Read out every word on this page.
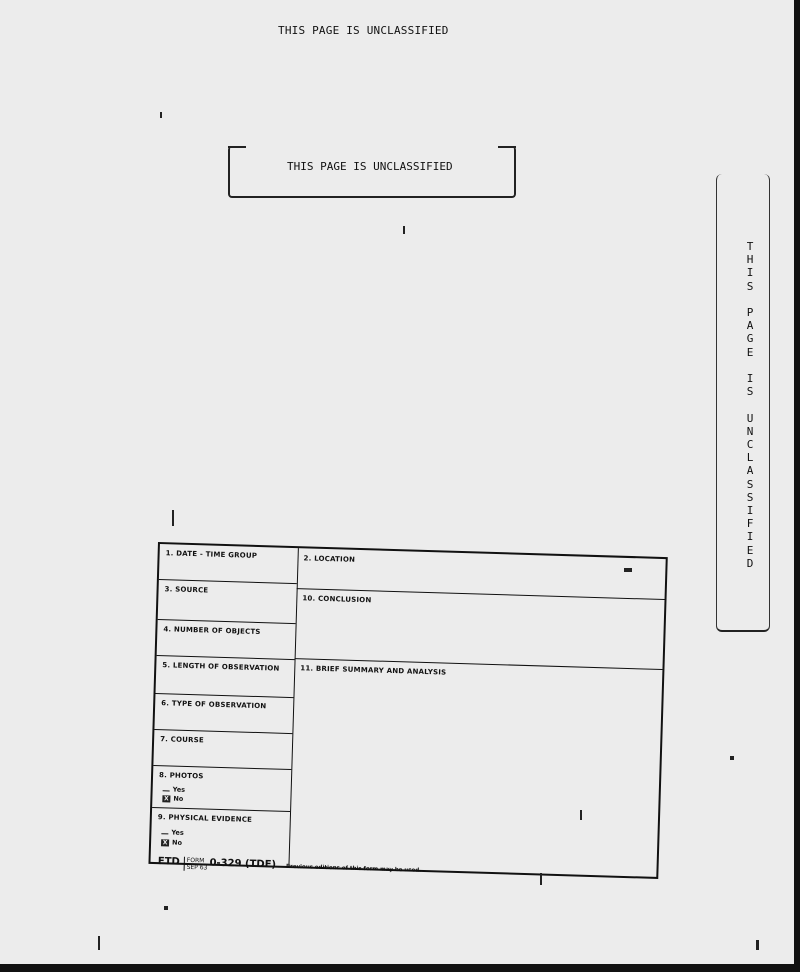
THIS PAGE IS UNCLASSIFIED
THIS PAGE IS UNCLASSIFIED
T
H
I
S

P
A
G
E

I
S

U
N
C
L
A
S
S
I
F
I
E
D
1. DATE - TIME GROUP
3. SOURCE
4. NUMBER OF OBJECTS
5. LENGTH OF OBSERVATION
6. TYPE OF OBSERVATION
7. COURSE
8. PHOTOS
Yes
X No
9. PHYSICAL EVIDENCE
Yes
X No
2. LOCATION
10. CONCLUSION
11. BRIEF SUMMARY AND ANALYSIS
$^{FTD}$ FORM
SEP 63 $^{0-329 (TDE)}$ $^{Previous editions of this form may be used.}$
